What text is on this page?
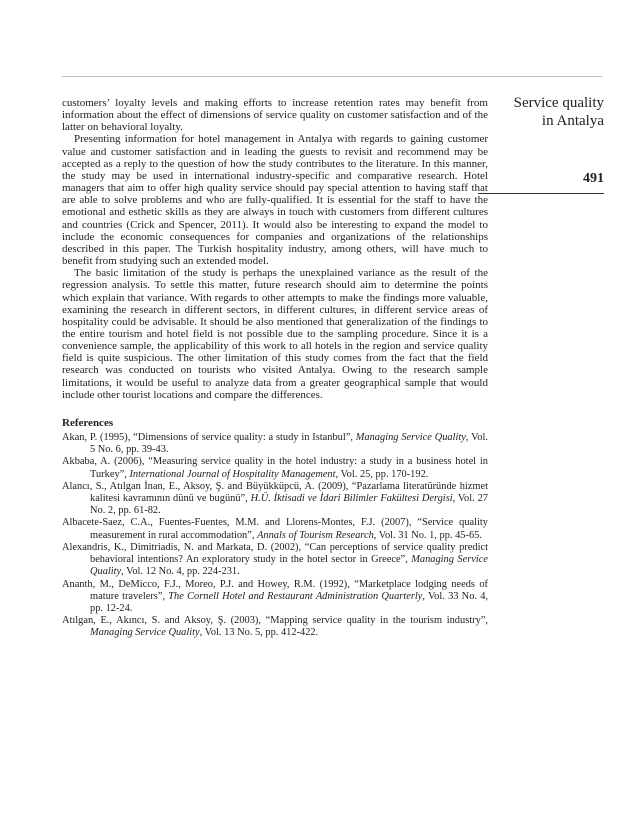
Service quality
in Antalya
491

customers’ loyalty levels and making efforts to increase retention rates may benefit from information about the effect of dimensions of service quality on customer satisfaction and of the latter on behavioral loyalty.

Presenting information for hotel management in Antalya with regards to gaining customer value and customer satisfaction and in leading the guests to revisit and recommend may be accepted as a reply to the question of how the study contributes to the literature. In this manner, the study may be used in international industry-specific and comparative research. Hotel managers that aim to offer high quality service should pay special attention to having staff that are able to solve problems and who are fully-qualified. It is essential for the staff to have the emotional and esthetic skills as they are always in touch with customers from different cultures and countries (Crick and Spencer, 2011). It would also be interesting to expand the model to include the economic consequences for companies and organizations of the relationships described in this paper. The Turkish hospitality industry, among others, will have much to benefit from studying such an extended model.

The basic limitation of the study is perhaps the unexplained variance as the result of the regression analysis. To settle this matter, future research should aim to determine the points which explain that variance. With regards to other attempts to make the findings more valuable, examining the research in different sectors, in different cultures, in different service areas of hospitality could be advisable. It should be also mentioned that generalization of the findings to the entire tourism and hotel field is not possible due to the sampling procedure. Since it is a convenience sample, the applicability of this work to all hotels in the region and service quality field is quite suspicious. The other limitation of this study comes from the fact that the field research was conducted on tourists who visited Antalya. Owing to the research sample limitations, it would be useful to analyze data from a greater geographical sample that would include other tourist locations and compare the differences.

References

Akan, P. (1995), “Dimensions of service quality: a study in Istanbul”, Managing Service Quality, Vol. 5 No. 6, pp. 39-43.

Akbaba, A. (2006), “Measuring service quality in the hotel industry: a study in a business hotel in Turkey”, International Journal of Hospitality Management, Vol. 25, pp. 170-192.

Alancı, S., Atılgan İnan, E., Aksoy, Ş. and Büyükküpcü, A. (2009), “Pazarlama literatüründe hizmet kalitesi kavramının dünü ve bugünü”, H.Ü. İktisadi ve İdari Bilimler Fakültesi Dergisi, Vol. 27 No. 2, pp. 61-82.

Albacete-Saez, C.A., Fuentes-Fuentes, M.M. and Llorens-Montes, F.J. (2007), “Service quality measurement in rural accommodation”, Annals of Tourism Research, Vol. 31 No. 1, pp. 45-65.

Alexandris, K., Dimitriadis, N. and Markata, D. (2002), “Can perceptions of service quality predict behavioral intentions? An exploratory study in the hotel sector in Greece”, Managing Service Quality, Vol. 12 No. 4, pp. 224-231.

Ananth, M., DeMicco, F.J., Moreo, P.J. and Howey, R.M. (1992), “Marketplace lodging needs of mature travelers”, The Cornell Hotel and Restaurant Administration Quarterly, Vol. 33 No. 4, pp. 12-24.

Atılgan, E., Akıncı, S. and Aksoy, Ş. (2003), “Mapping service quality in the tourism industry”, Managing Service Quality, Vol. 13 No. 5, pp. 412-422.
